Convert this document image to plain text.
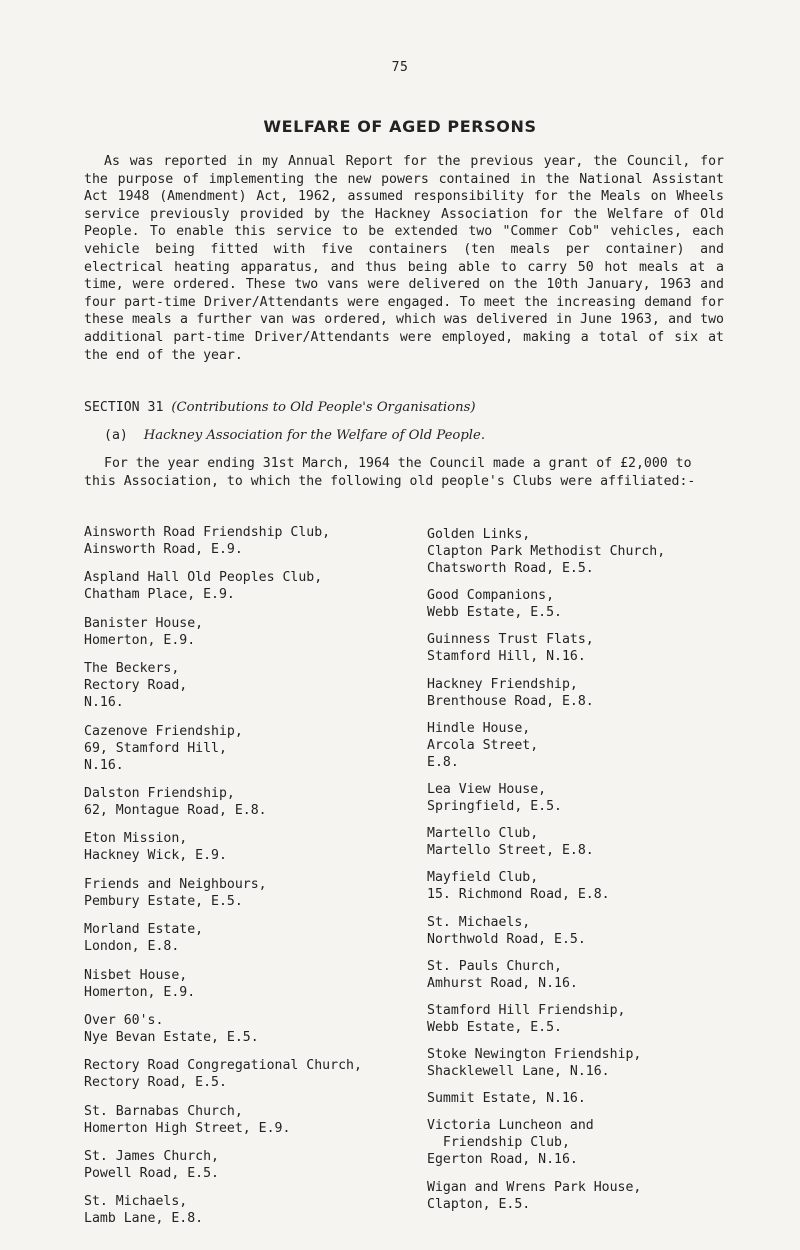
75
WELFARE OF AGED PERSONS

As was reported in my Annual Report for the previous year, the Council, for the purpose of implementing the new powers contained in the National Assistant Act 1948 (Amendment) Act, 1962, assumed responsibility for the Meals on Wheels service previously provided by the Hackney Association for the Welfare of Old People. To enable this service to be extended two "Commer Cob" vehicles, each vehicle being fitted with five containers (ten meals per container) and electrical heating apparatus, and thus being able to carry 50 hot meals at a time, were ordered. These two vans were delivered on the 10th January, 1963 and four part-time Driver/Attendants were engaged. To meet the increasing demand for these meals a further van was ordered, which was delivered in June 1963, and two additional part-time Driver/Attendants were employed, making a total of six at the end of the year.

SECTION 31 (Contributions to Old People's Organisations)

(a) Hackney Association for the Welfare of Old People.

For the year ending 31st March, 1964 the Council made a grant of £2,000 to this Association, to which the following old people's Clubs were affiliated:-

Ainsworth Road Friendship Club,
Ainsworth Road, E.9.

Aspland Hall Old Peoples Club,
Chatham Place, E.9.

Banister House,
Homerton, E.9.

The Beckers,
Rectory Road,
N.16.

Cazenove Friendship,
69, Stamford Hill,
N.16.

Dalston Friendship,
62, Montague Road, E.8.

Eton Mission,
Hackney Wick, E.9.

Friends and Neighbours,
Pembury Estate, E.5.

Morland Estate,
London, E.8.

Nisbet House,
Homerton, E.9.

Over 60's.
Nye Bevan Estate, E.5.

Rectory Road Congregational Church,
Rectory Road, E.5.

St. Barnabas Church,
Homerton High Street, E.9.

St. James Church,
Powell Road, E.5.

St. Michaels,
Lamb Lane, E.8.

Golden Links,
Clapton Park Methodist Church,
Chatsworth Road, E.5.

Good Companions,
Webb Estate, E.5.

Guinness Trust Flats,
Stamford Hill, N.16.

Hackney Friendship,
Brenthouse Road, E.8.

Hindle House,
Arcola Street,
E.8.

Lea View House,
Springfield, E.5.

Martello Club,
Martello Street, E.8.

Mayfield Club,
15. Richmond Road, E.8.

St. Michaels,
Northwold Road, E.5.

St. Pauls Church,
Amhurst Road, N.16.

Stamford Hill Friendship,
Webb Estate, E.5.

Stoke Newington Friendship,
Shacklewell Lane, N.16.

Summit Estate, N.16.

Victoria Luncheon and
Friendship Club,
Egerton Road, N.16.

Wigan and Wrens Park House,
Clapton, E.5.
